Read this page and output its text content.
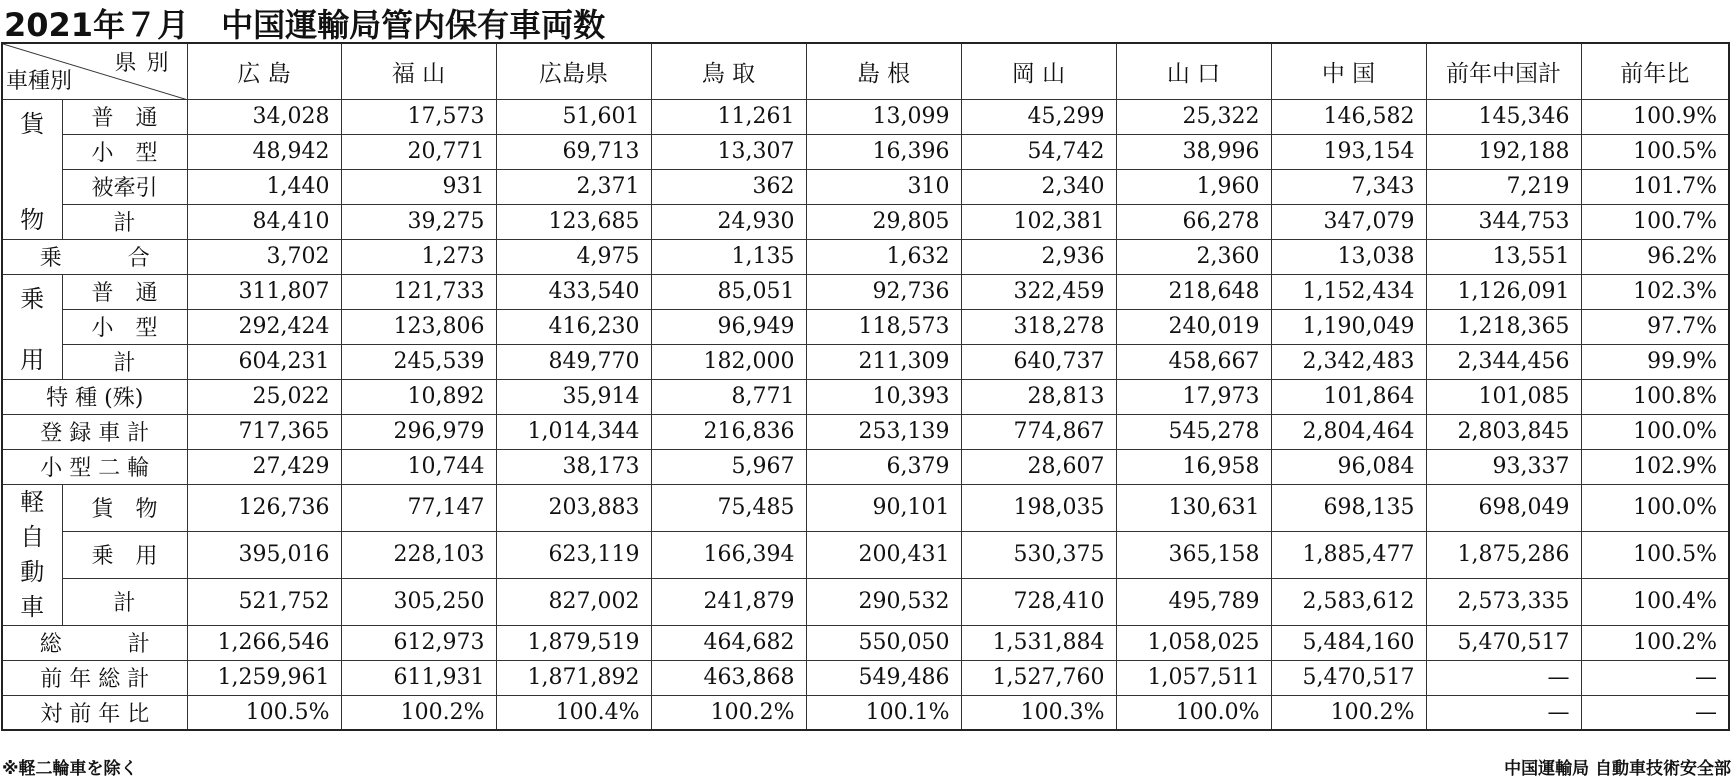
2021年７月　中国運輸局管内保有車両数
県別
車種別		広 島	福 山	広島県	鳥 取	島 根	岡 山	山 口	中 国	前年中国計	前年比

貨
物	普　通	34,028	17,573	51,601	11,261	13,099	45,299	25,322	146,582	145,346	100.9%
	小　型	48,942	20,771	69,713	13,307	16,396	54,742	38,996	193,154	192,188	100.5%
	被牽引	1,440	931	2,371	362	310	2,340	1,960	7,343	7,219	101.7%
	計	84,410	39,275	123,685	24,930	29,805	102,381	66,278	347,079	344,753	100.7%
乗　　　合		3,702	1,273	4,975	1,135	1,632	2,936	2,360	13,038	13,551	96.2%

乗
用	普　通	311,807	121,733	433,540	85,051	92,736	322,459	218,648	1,152,434	1,126,091	102.3%
	小　型	292,424	123,806	416,230	96,949	118,573	318,278	240,019	1,190,049	1,218,365	97.7%
	計	604,231	245,539	849,770	182,000	211,309	640,737	458,667	2,342,483	2,344,456	99.9%
特 種 (殊)		25,022	10,892	35,914	8,771	10,393	28,813	17,973	101,864	101,085	100.8%
登 録 車 計		717,365	296,979	1,014,344	216,836	253,139	774,867	545,278	2,804,464	2,803,845	100.0%
小 型 二 輪		27,429	10,744	38,173	5,967	6,379	28,607	16,958	96,084	93,337	102.9%

軽
自
動
車	貨　物	126,736	77,147	203,883	75,485	90,101	198,035	130,631	698,135	698,049	100.0%
	乗　用	395,016	228,103	623,119	166,394	200,431	530,375	365,158	1,885,477	1,875,286	100.5%
	計	521,752	305,250	827,002	241,879	290,532	728,410	495,789	2,583,612	2,573,335	100.4%
総　　　計		1,266,546	612,973	1,879,519	464,682	550,050	1,531,884	1,058,025	5,484,160	5,470,517	100.2%
前 年 総 計		1,259,961	611,931	1,871,892	463,868	549,486	1,527,760	1,057,511	5,470,517	—	—
対 前 年 比		100.5%	100.2%	100.4%	100.2%	100.1%	100.3%	100.0%	100.2%	—	—
※軽二輪車を除く	中国運輸局 自動車技術安全部
